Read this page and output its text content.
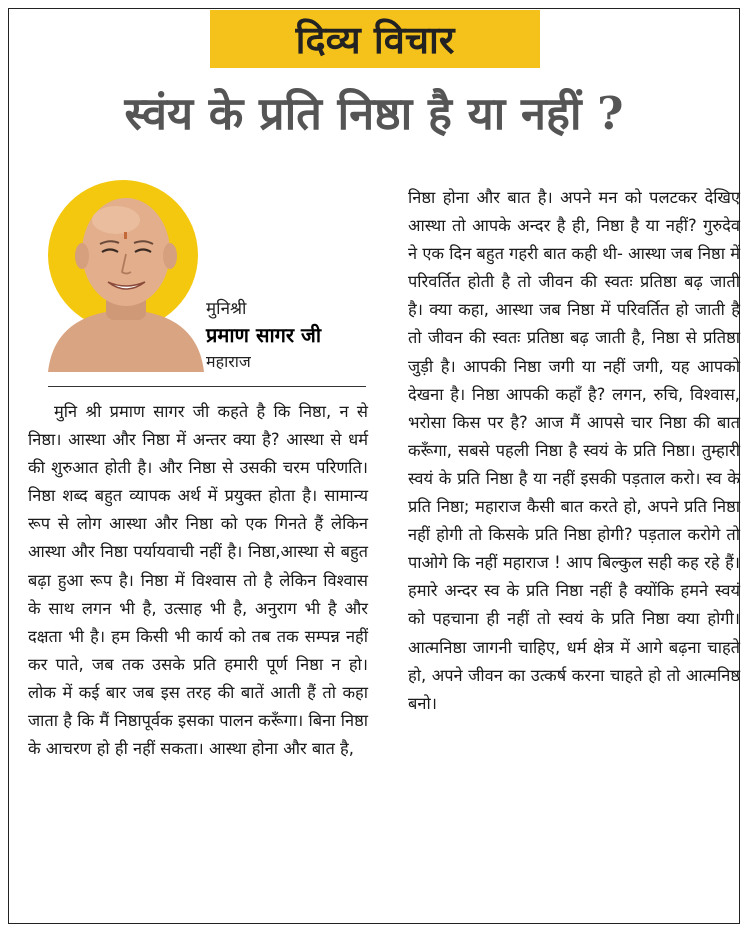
दिव्य विचार
स्वंय के प्रति निष्ठा है या नहीं ?
मुनिश्री
प्रमाण सागर जी
महाराज
मुनि श्री प्रमाण सागर जी कहते है कि निष्ठा, न से निष्ठा। आस्था और निष्ठा में अन्तर क्या है? आस्था से धर्म की शुरुआत होती है। और निष्ठा से उसकी चरम परिणति। निष्ठा शब्द बहुत व्यापक अर्थ में प्रयुक्त होता है। सामान्य रूप से लोग आस्था और निष्ठा को एक गिनते हैं लेकिन आस्था और निष्ठा पर्यायवाची नहीं है। निष्ठा,आस्था से बहुत बढ़ा हुआ रूप है। निष्ठा में विश्वास तो है लेकिन विश्वास के साथ लगन भी है, उत्साह भी है, अनुराग भी है और दक्षता भी है। हम किसी भी कार्य को तब तक सम्पन्न नहीं कर पाते, जब तक उसके प्रति हमारी पूर्ण निष्ठा न हो। लोक में कई बार जब इस तरह की बातें आती हैं तो कहा जाता है कि मैं निष्ठापूर्वक इसका पालन करूँगा। बिना निष्ठा के आचरण हो ही नहीं सकता। आस्था होना और बात है,
निष्ठा होना और बात है। अपने मन को पलटकर देखिए आस्था तो आपके अन्दर है ही, निष्ठा है या नहीं? गुरुदेव ने एक दिन बहुत गहरी बात कही थी- आस्था जब निष्ठा में परिवर्तित होती है तो जीवन की स्वतः प्रतिष्ठा बढ़ जाती है। क्या कहा, आस्था जब निष्ठा में परिवर्तित हो जाती है तो जीवन की स्वतः प्रतिष्ठा बढ़ जाती है, निष्ठा से प्रतिष्ठा जुड़ी है। आपकी निष्ठा जगी या नहीं जगी, यह आपको देखना है। निष्ठा आपकी कहाँ है? लगन, रुचि, विश्वास, भरोसा किस पर है? आज मैं आपसे चार निष्ठा की बात करूँगा, सबसे पहली निष्ठा है स्वयं के प्रति निष्ठा। तुम्हारी स्वयं के प्रति निष्ठा है या नहीं इसकी पड़ताल करो। स्व के प्रति निष्ठा; महाराज कैसी बात करते हो, अपने प्रति निष्ठा नहीं होगी तो किसके प्रति निष्ठा होगी? पड़ताल करोगे तो पाओगे कि नहीं महाराज ! आप बिल्कुल सही कह रहे हैं। हमारे अन्दर स्व के प्रति निष्ठा नहीं है क्योंकि हमने स्वयं को पहचाना ही नहीं तो स्वयं के प्रति निष्ठा क्या होगी। आत्मनिष्ठा जागनी चाहिए, धर्म क्षेत्र में आगे बढ़ना चाहते हो, अपने जीवन का उत्कर्ष करना चाहते हो तो आत्मनिष्ठ बनो।
